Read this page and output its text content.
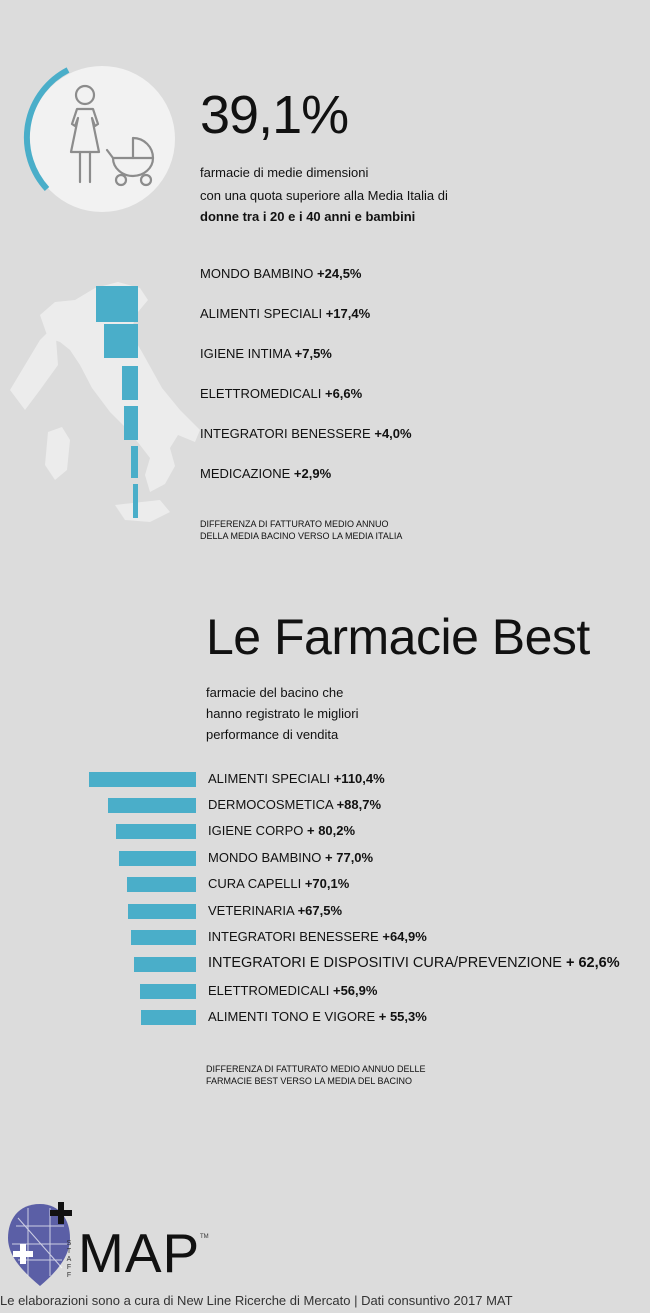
39,1%
farmacie di medie dimensioni
con una quota superiore alla Media Italia di
donne tra i 20 e i 40 anni e bambini
MONDO BAMBINO +24,5%
ALIMENTI SPECIALI +17,4%
IGIENE INTIMA +7,5%
ELETTROMEDICALI +6,6%
INTEGRATORI BENESSERE +4,0%
MEDICAZIONE +2,9%
DIFFERENZA DI FATTURATO MEDIO ANNUO
DELLA MEDIA BACINO VERSO LA MEDIA ITALIA
Le Farmacie Best
farmacie del bacino che
hanno registrato le migliori
performance di vendita
ALIMENTI SPECIALI +110,4%
DERMOCOSMETICA +88,7%
IGIENE CORPO + 80,2%
MONDO BAMBINO + 77,0%
CURA CAPELLI +70,1%
VETERINARIA +67,5%
INTEGRATORI BENESSERE +64,9%
INTEGRATORI E DISPOSITIVI CURA/PREVENZIONE + 62,6%
ELETTROMEDICALI +56,9%
ALIMENTI TONO E VIGORE + 55,3%
DIFFERENZA DI FATTURATO MEDIO ANNUO DELLE
FARMACIE BEST VERSO LA MEDIA DEL BACINO
S
T
A
F
F MAP TM
Le elaborazioni sono a cura di New Line Ricerche di Mercato | Dati consuntivo 2017 MAT
